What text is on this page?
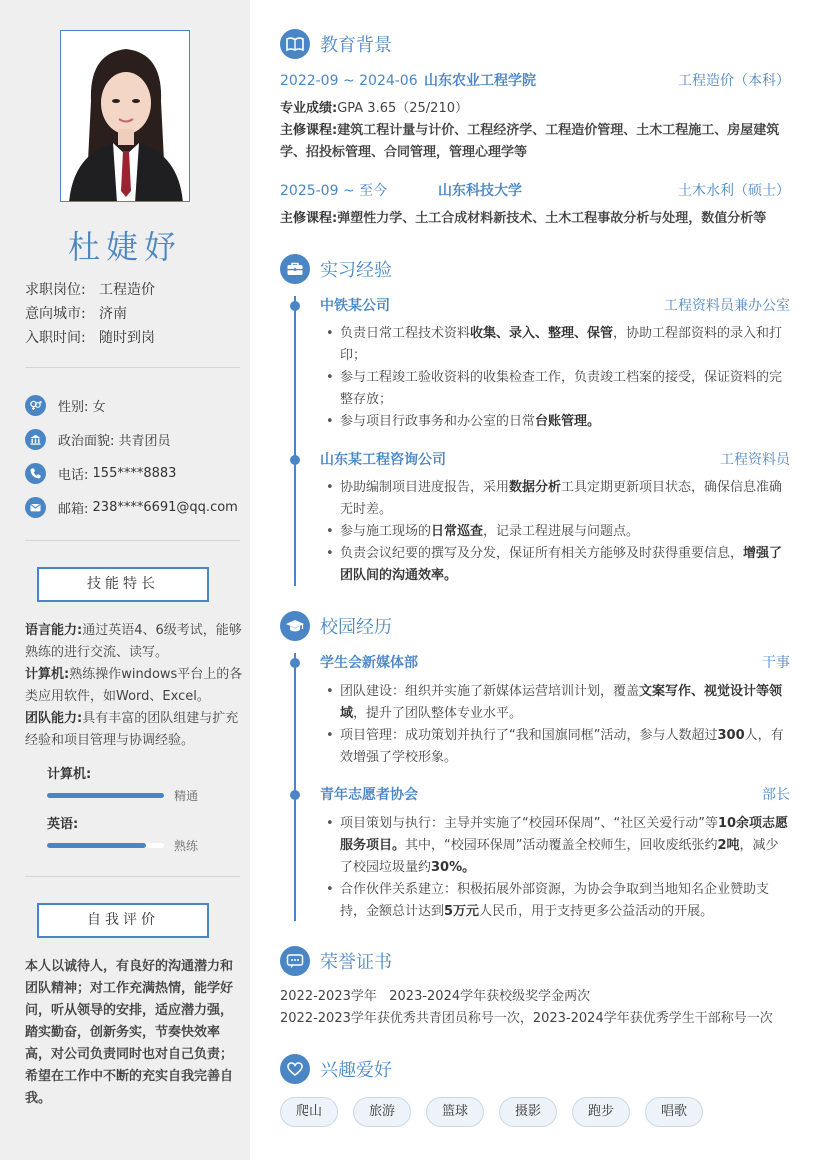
杜婕妤
求职岗位: 工程造价
意向城市: 济南
入职时间: 随时到岗
性别:
女
政治面貌:
共青团员
电话:
155****8883
邮箱:
238****6691@qq.com
技能特长
语言能力:通过英语4、6级考试，能够熟练的进行交流、读写。
计算机:熟练操作windows平台上的各类应用软件，如Word、Excel。
团队能力:具有丰富的团队组建与扩充经验和项目管理与协调经验。
计算机:
精通
英语:
熟练
自我评价
本人以诚待人，有良好的沟通潜力和团队精神；对工作充满热情，能学好问，听从领导的安排，适应潜力强，踏实勤奋，创新务实，节奏快效率高，对公司负责同时也对自己负责；希望在工作中不断的充实自我完善自我。
教育背景
2022-09 ~ 2024-06 山东农业工程学院	工程造价（本科）
专业成绩:GPA 3.65（25/210）
主修课程:建筑工程计量与计价、工程经济学、工程造价管理、土木工程施工、房屋建筑学、招投标管理、合同管理，管理心理学等
2025-09 ~ 至今	山东科技大学	土木水利（硕士）
主修课程:弹塑性力学、土工合成材料新技术、土木工程事故分析与处理，数值分析等
实习经验
中铁某公司	工程资料员兼办公室
• 负责日常工程技术资料收集、录入、整理、保管，协助工程部资料的录入和打印；
• 参与工程竣工验收资料的收集检查工作，负责竣工档案的接受，保证资料的完整存放；
• 参与项目行政事务和办公室的日常台账管理。
山东某工程咨询公司	工程资料员
• 协助编制项目进度报告，采用数据分析工具定期更新项目状态，确保信息准确无时差。
• 参与施工现场的日常巡查，记录工程进展与问题点。
• 负责会议纪要的撰写及分发，保证所有相关方能够及时获得重要信息，增强了团队间的沟通效率。
校园经历
学生会新媒体部	干事
• 团队建设：组织并实施了新媒体运营培训计划，覆盖文案写作、视觉设计等领域，提升了团队整体专业水平。
• 项目管理：成功策划并执行了“我和国旗同框”活动，参与人数超过300人，有效增强了学校形象。
青年志愿者协会	部长
• 项目策划与执行：主导并实施了“校园环保周”、“社区关爱行动”等10余项志愿服务项目。其中，“校园环保周”活动覆盖全校师生，回收废纸张约2吨，减少了校园垃圾量约30%。
• 合作伙伴关系建立：积极拓展外部资源，为协会争取到当地知名企业赞助支持，金额总计达到5万元人民币，用于支持更多公益活动的开展。
荣誉证书
2022-2023学年   2023-2024学年获校级奖学金两次
2022-2023学年获优秀共青团员称号一次，2023-2024学年获优秀学生干部称号一次
兴趣爱好
爬山	旅游	篮球	摄影	跑步	唱歌
